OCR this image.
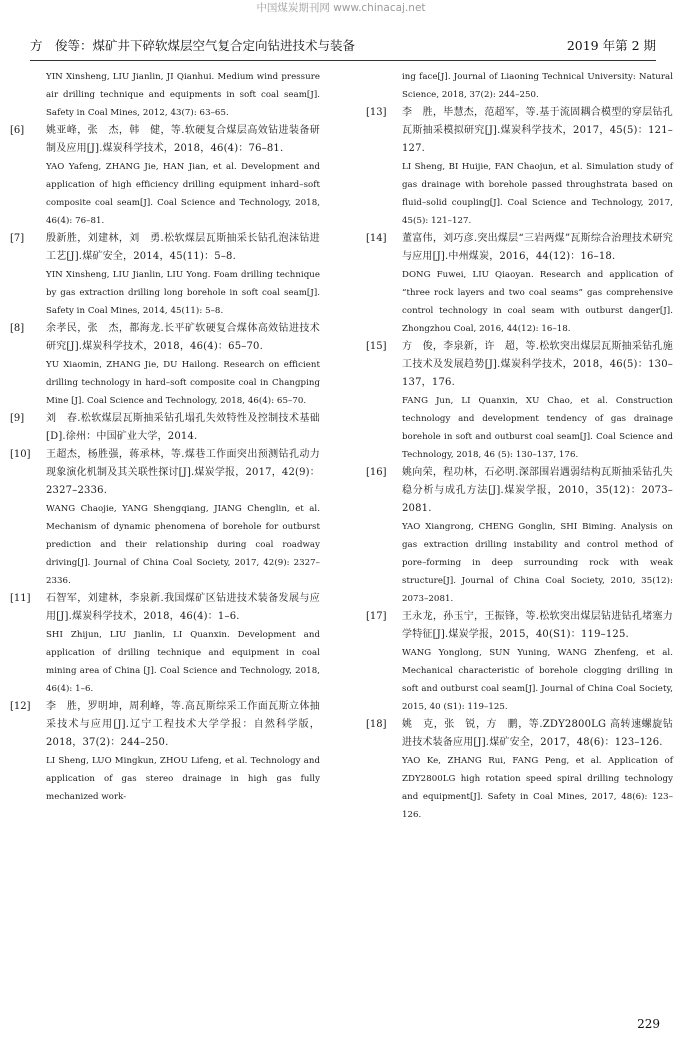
中国煤炭期刊网 www.chinacaj.net
方　俊等：煤矿井下碎软煤层空气复合定向钻进技术与装备	2019 年第 2 期
YIN Xinsheng, LIU Jianlin, JI Qianhui. Medium wind pressure air drilling technique and equipments in soft coal seam[J]. Safety in Coal Mines, 2012, 43(7): 63–65.
[6]	姚亚峰，张　杰，韩　健，等.软硬复合煤层高效钻进装备研制及应用[J].煤炭科学技术，2018，46(4)：76–81.
YAO Yafeng, ZHANG Jie, HAN Jian, et al. Development and application of high efficiency drilling equipment inhard–soft composite coal seam[J]. Coal Science and Technology, 2018, 46(4): 76–81.
[7]	殷新胜，刘建林，刘　勇.松软煤层瓦斯抽采长钻孔泡沫钻进工艺[J].煤矿安全，2014，45(11)：5–8.
YIN Xinsheng, LIU Jianlin, LIU Yong. Foam drilling technique by gas extraction drilling long borehole in soft coal seam[J]. Safety in Coal Mines, 2014, 45(11): 5–8.
[8]	余孝民，张　杰，都海龙.长平矿软硬复合煤体高效钻进技术研究[J].煤炭科学技术，2018，46(4)：65–70.
YU Xiaomin, ZHANG Jie, DU Hailong. Research on efficient drilling technology in hard–soft composite coal in Changping Mine [J]. Coal Science and Technology, 2018, 46(4): 65–70.
[9]	刘　春.松软煤层瓦斯抽采钻孔塌孔失效特性及控制技术基础[D].徐州：中国矿业大学，2014.
[10]	王超杰，杨胜强，蒋承林，等.煤巷工作面突出预测钻孔动力现象演化机制及其关联性探讨[J].煤炭学报，2017，42(9)：2327–2336.
WANG Chaojie, YANG Shengqiang, JIANG Chenglin, et al. Mechanism of dynamic phenomena of borehole for outburst prediction and their relationship during coal roadway driving[J]. Journal of China Coal Society, 2017, 42(9): 2327–2336.
[11]	石智军，刘建林，李泉新.我国煤矿区钻进技术装备发展与应用[J].煤炭科学技术，2018，46(4)：1–6.
SHI Zhijun, LIU Jianlin, LI Quanxin. Development and application of drilling technique and equipment in coal mining area of China [J]. Coal Science and Technology, 2018, 46(4): 1–6.
[12]	李　胜，罗明坤，周利峰，等.高瓦斯综采工作面瓦斯立体抽采技术与应用[J].辽宁工程技术大学学报：自然科学版，2018，37(2)：244–250.
LI Sheng, LUO Mingkun, ZHOU Lifeng, et al. Technology and application of gas stereo drainage in high gas fully mechanized work-
ing face[J]. Journal of Liaoning Technical University: Natural Science, 2018, 37(2): 244–250.
[13]	李　胜，毕慧杰，范超军，等.基于流固耦合模型的穿层钻孔瓦斯抽采模拟研究[J].煤炭科学技术，2017，45(5)：121–127.
LI Sheng, BI Huijie, FAN Chaojun, et al. Simulation study of gas drainage with borehole passed throughstrata based on fluid–solid coupling[J]. Coal Science and Technology, 2017, 45(5): 121–127.
[14]	董富伟，刘巧彦.突出煤层“三岩两煤”瓦斯综合治理技术研究与应用[J].中州煤炭，2016，44(12)：16–18.
DONG Fuwei, LIU Qiaoyan. Research and application of “three rock layers and two coal seams” gas comprehensive control technology in coal seam with outburst danger[J]. Zhongzhou Coal, 2016, 44(12): 16–18.
[15]	方　俊，李泉新，许　超，等.松软突出煤层瓦斯抽采钻孔施工技术及发展趋势[J].煤炭科学技术，2018，46(5)：130–137，176.
FANG Jun, LI Quanxin, XU Chao, et al. Construction technology and development tendency of gas drainage borehole in soft and outburst coal seam[J]. Coal Science and Technology, 2018, 46 (5): 130–137, 176.
[16]	姚向荣，程功林，石必明.深部围岩遇弱结构瓦斯抽采钻孔失稳分析与成孔方法[J].煤炭学报，2010，35(12)：2073–2081.
YAO Xiangrong, CHENG Gonglin, SHI Biming. Analysis on gas extraction drilling instability and control method of pore–forming in deep surrounding rock with weak structure[J]. Journal of China Coal Society, 2010, 35(12): 2073–2081.
[17]	王永龙，孙玉宁，王振锋，等.松软突出煤层钻进钻孔堵塞力学特征[J].煤炭学报，2015，40(S1)：119–125.
WANG Yonglong, SUN Yuning, WANG Zhenfeng, et al. Mechanical characteristic of borehole clogging drilling in soft and outburst coal seam[J]. Journal of China Coal Society, 2015, 40 (S1): 119–125.
[18]	姚　克，张　锐，方　鹏，等.ZDY2800LG 高转速螺旋钻进技术装备应用[J].煤矿安全，2017，48(6)：123–126.
YAO Ke, ZHANG Rui, FANG Peng, et al. Application of ZDY2800LG high rotation speed spiral drilling technology and equipment[J]. Safety in Coal Mines, 2017, 48(6): 123–126.
229
